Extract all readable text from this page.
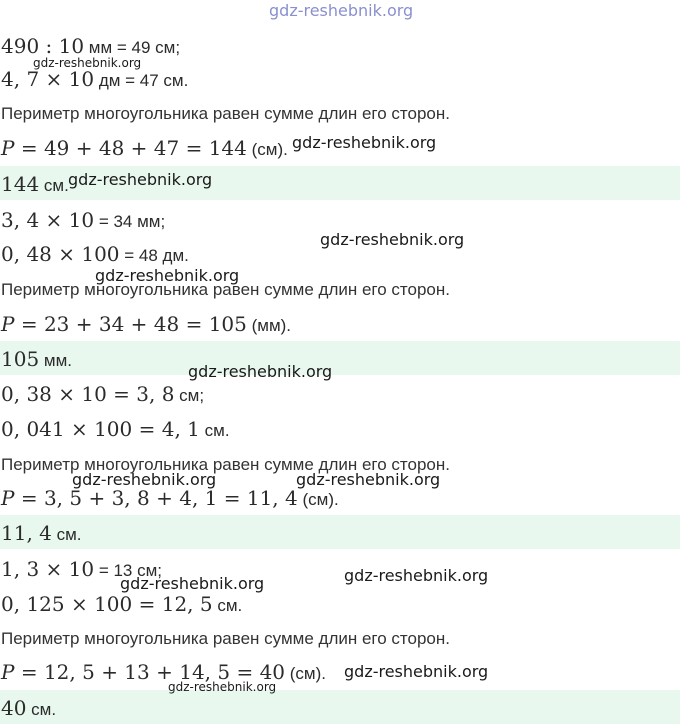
490 : 10 мм = 49 см;
4, 7 × 10 дм = 47 см.
Периметр многоугольника равен сумме длин его сторон.
P = 49 + 48 + 47 = 144 (см).
144 см.
3, 4 × 10 = 34 мм;
0, 48 × 100 = 48 дм.
Периметр многоугольника равен сумме длин его сторон.
P = 23 + 34 + 48 = 105 (мм).
105 мм.
0, 38 × 10 = 3, 8 см;
0, 041 × 100 = 4, 1 см.
Периметр многоугольника равен сумме длин его сторон.
P = 3, 5 + 3, 8 + 4, 1 = 11, 4 (см).
11, 4 см.
1, 3 × 10 = 13 см;
0, 125 × 100 = 12, 5 см.
Периметр многоугольника равен сумме длин его сторон.
P = 12, 5 + 13 + 14, 5 = 40 (см).
40 см.
gdz-reshebnik.org
gdz-reshebnik.org
gdz-reshebnik.org
gdz-reshebnik.org
gdz-reshebnik.org
gdz-reshebnik.org
gdz-reshebnik.org
gdz-reshebnik.org	gdz-reshebnik.org
gdz-reshebnik.org
gdz-reshebnik.org
gdz-reshebnik.org
gdz-reshebnik.org
